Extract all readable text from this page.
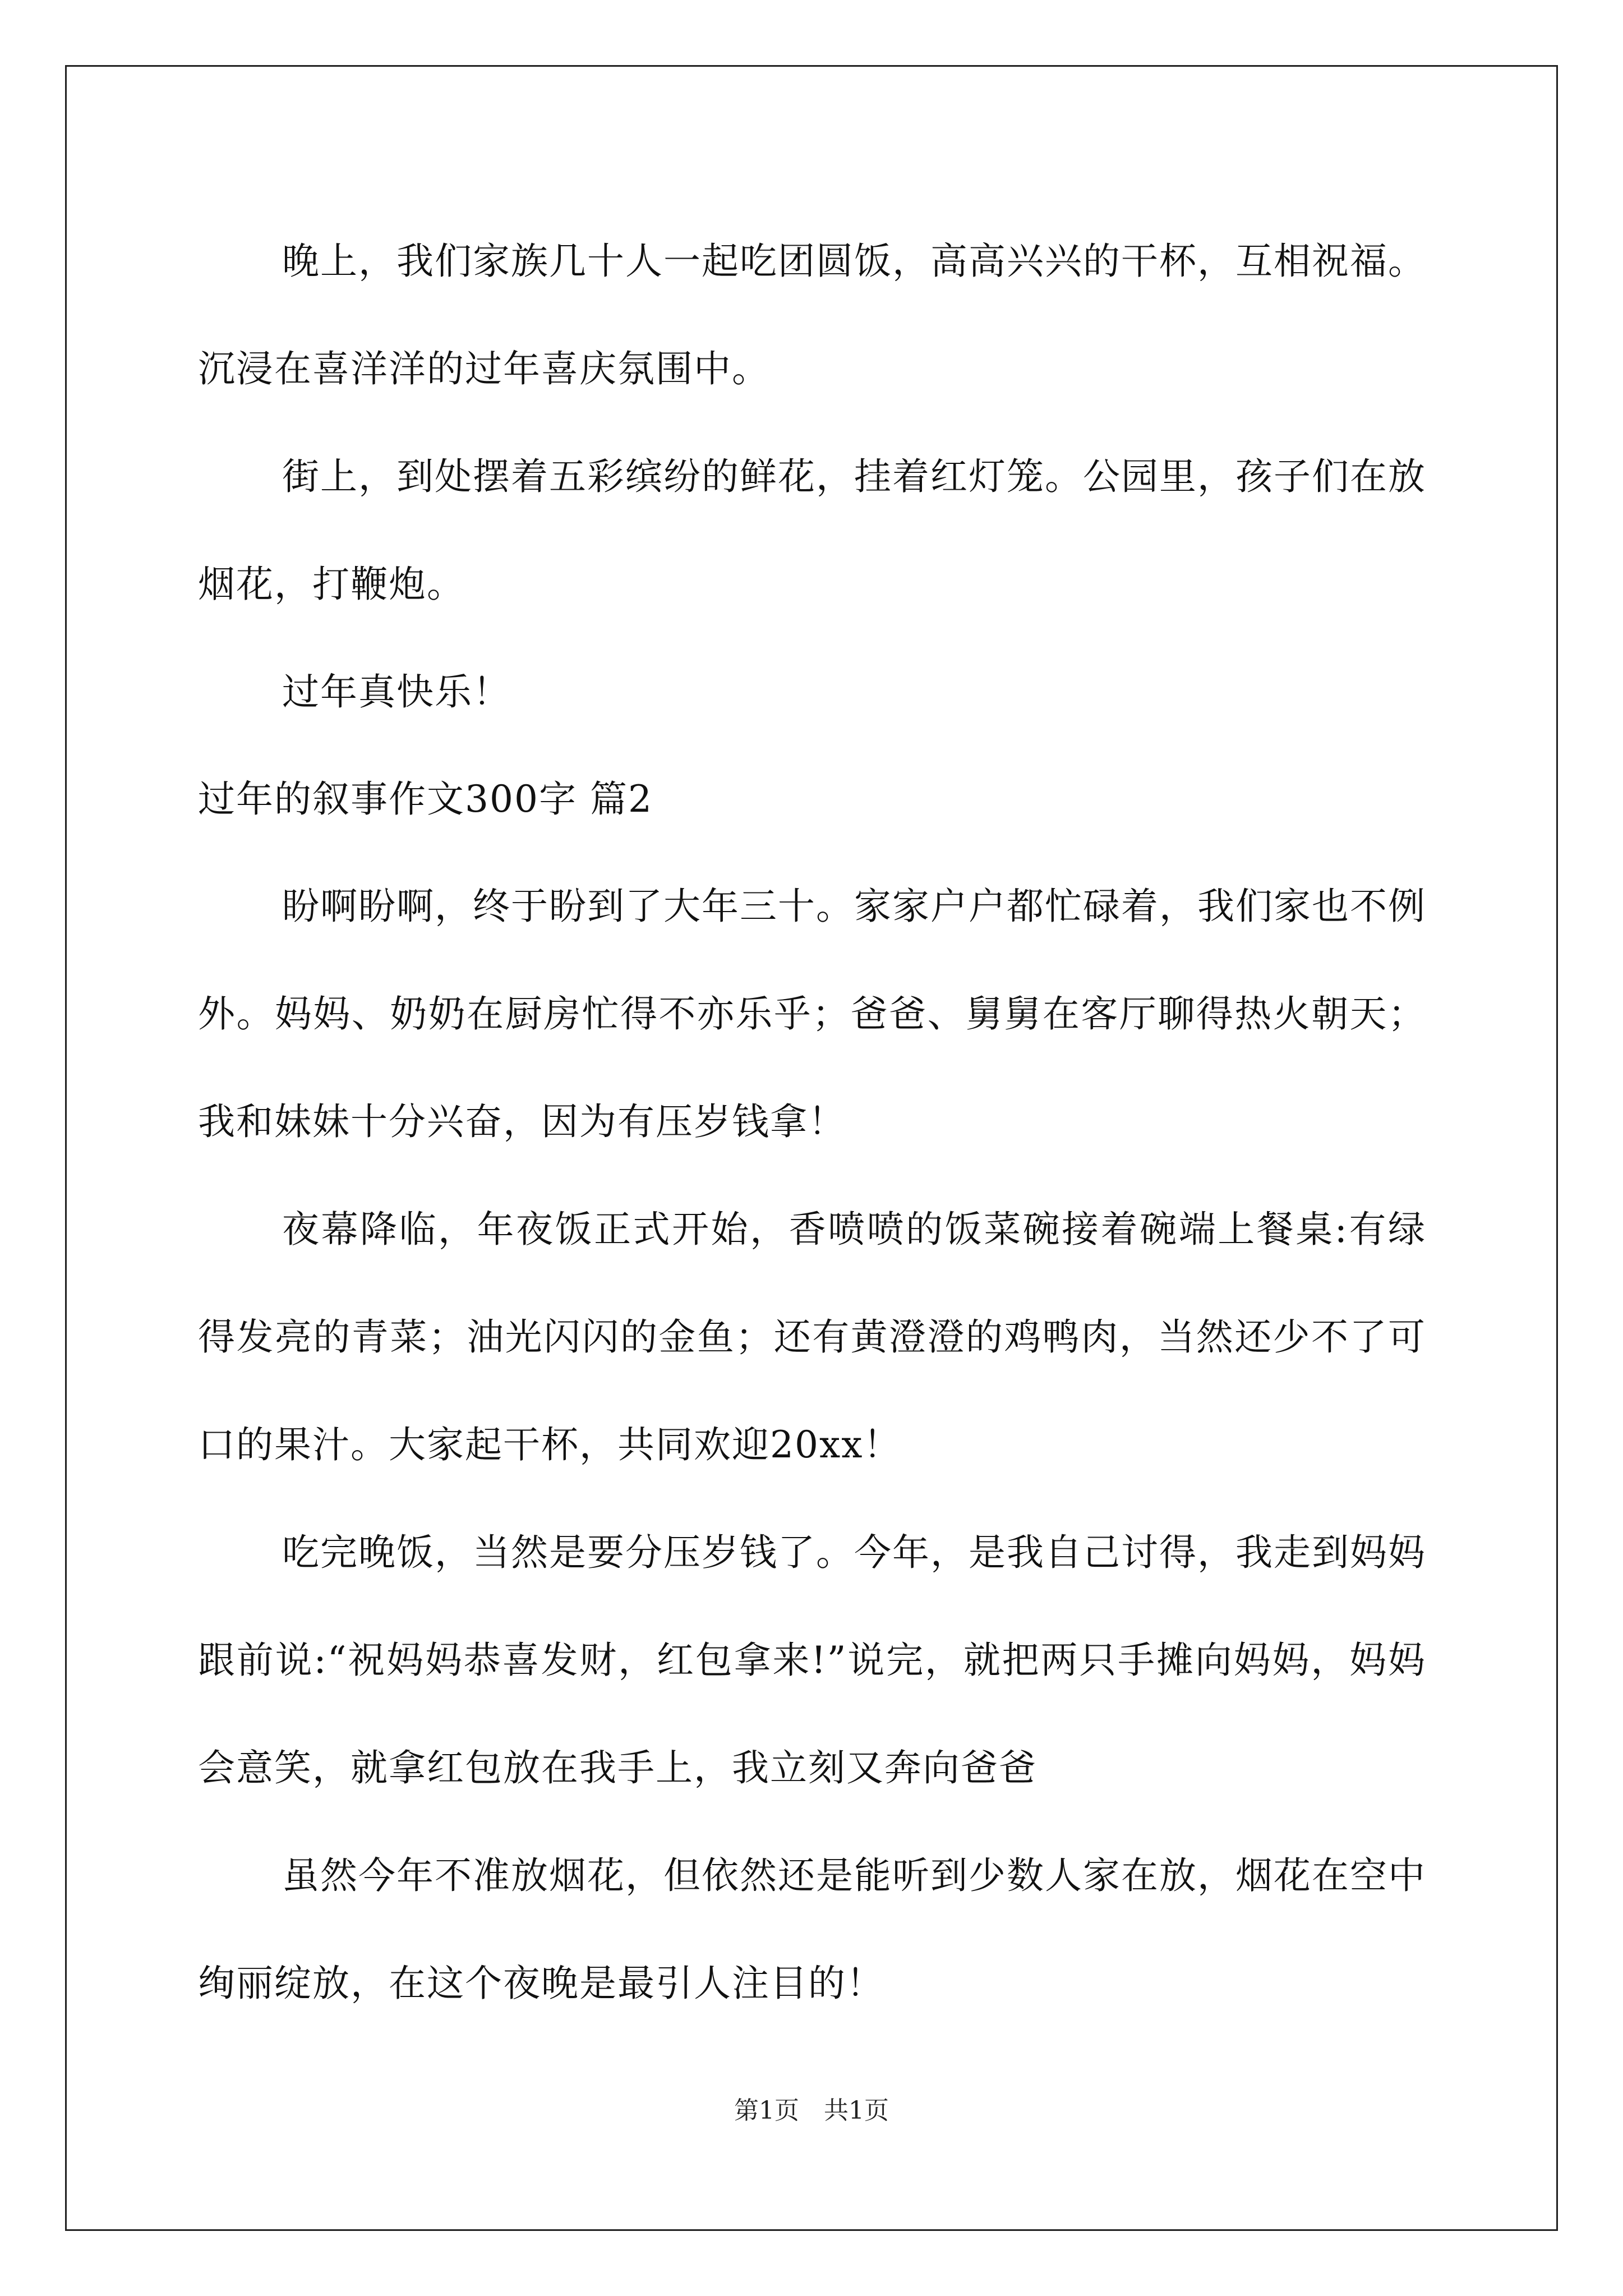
晚上，我们家族几十人一起吃团圆饭，高高兴兴的干杯，互相祝福。沉浸在喜洋洋的过年喜庆氛围中。

街上，到处摆着五彩缤纷的鲜花，挂着红灯笼。公园里，孩子们在放烟花，打鞭炮。

过年真快乐！

过年的叙事作文300字 篇2

盼啊盼啊，终于盼到了大年三十。家家户户都忙碌着，我们家也不例外。妈妈、奶奶在厨房忙得不亦乐乎；爸爸、舅舅在客厅聊得热火朝天；我和妹妹十分兴奋，因为有压岁钱拿！

夜幕降临，年夜饭正式开始，香喷喷的饭菜碗接着碗端上餐桌:有绿得发亮的青菜；油光闪闪的金鱼；还有黄澄澄的鸡鸭肉，当然还少不了可口的果汁。大家起干杯，共同欢迎20xx！

吃完晚饭，当然是要分压岁钱了。今年，是我自己讨得，我走到妈妈跟前说:“祝妈妈恭喜发财，红包拿来!”说完，就把两只手摊向妈妈，妈妈会意笑，就拿红包放在我手上，我立刻又奔向爸爸

虽然今年不准放烟花，但依然还是能听到少数人家在放，烟花在空中绚丽绽放，在这个夜晚是最引人注目的！

第1页　共1页
